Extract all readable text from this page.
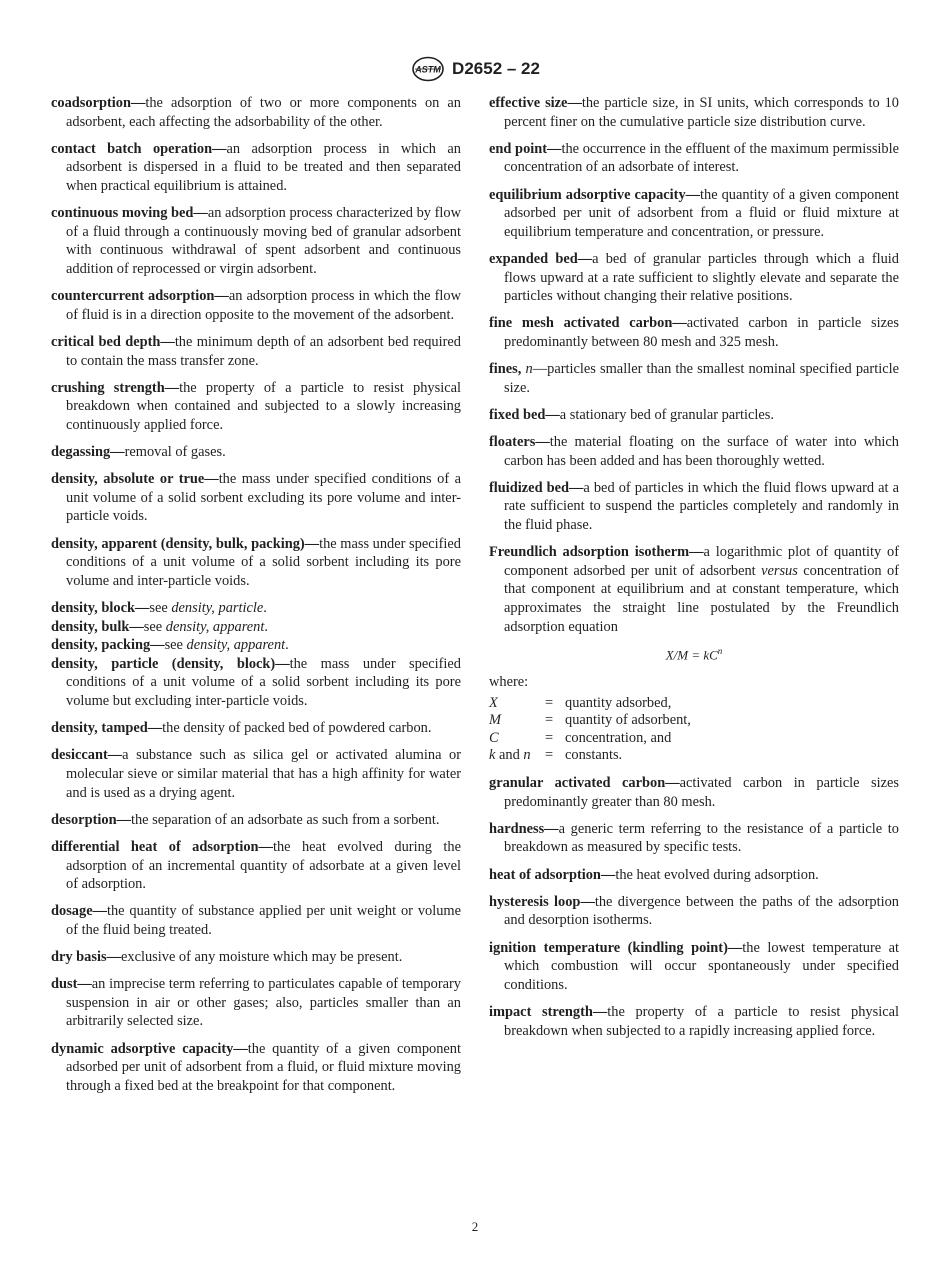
ASTM D2652 – 22

coadsorption—the adsorption of two or more components on an adsorbent, each affecting the adsorbability of the other.

contact batch operation—an adsorption process in which an adsorbent is dispersed in a fluid to be treated and then separated when practical equilibrium is attained.

continuous moving bed—an adsorption process characterized by flow of a fluid through a continuously moving bed of granular adsorbent with continuous withdrawal of spent adsorbent and continuous addition of reprocessed or virgin adsorbent.

countercurrent adsorption—an adsorption process in which the flow of fluid is in a direction opposite to the movement of the adsorbent.

critical bed depth—the minimum depth of an adsorbent bed required to contain the mass transfer zone.

crushing strength—the property of a particle to resist physical breakdown when contained and subjected to a slowly increasing continuously applied force.

degassing—removal of gases.

density, absolute or true—the mass under specified conditions of a unit volume of a solid sorbent excluding its pore volume and inter-particle voids.

density, apparent (density, bulk, packing)—the mass under specified conditions of a unit volume of a solid sorbent including its pore volume and inter-particle voids.

density, block—see density, particle.

density, bulk—see density, apparent.

density, packing—see density, apparent.

density, particle (density, block)—the mass under specified conditions of a unit volume of a solid sorbent including its pore volume but excluding inter-particle voids.

density, tamped—the density of packed bed of powdered carbon.

desiccant—a substance such as silica gel or activated alumina or molecular sieve or similar material that has a high affinity for water and is used as a drying agent.

desorption—the separation of an adsorbate as such from a sorbent.

differential heat of adsorption—the heat evolved during the adsorption of an incremental quantity of adsorbate at a given level of adsorption.

dosage—the quantity of substance applied per unit weight or volume of the fluid being treated.

dry basis—exclusive of any moisture which may be present.

dust—an imprecise term referring to particulates capable of temporary suspension in air or other gases; also, particles smaller than an arbitrarily selected size.

dynamic adsorptive capacity—the quantity of a given component adsorbed per unit of adsorbent from a fluid, or fluid mixture moving through a fixed bed at the breakpoint for that component.

effective size—the particle size, in SI units, which corresponds to 10 percent finer on the cumulative particle size distribution curve.

end point—the occurrence in the effluent of the maximum permissible concentration of an adsorbate of interest.

equilibrium adsorptive capacity—the quantity of a given component adsorbed per unit of adsorbent from a fluid or fluid mixture at equilibrium temperature and concentration, or pressure.

expanded bed—a bed of granular particles through which a fluid flows upward at a rate sufficient to slightly elevate and separate the particles without changing their relative positions.

fine mesh activated carbon—activated carbon in particle sizes predominantly between 80 mesh and 325 mesh.

fines, n—particles smaller than the smallest nominal specified particle size.

fixed bed—a stationary bed of granular particles.

floaters—the material floating on the surface of water into which carbon has been added and has been thoroughly wetted.

fluidized bed—a bed of particles in which the fluid flows upward at a rate sufficient to suspend the particles completely and randomly in the fluid phase.

Freundlich adsorption isotherm—a logarithmic plot of quantity of component adsorbed per unit of adsorbent versus concentration of that component at equilibrium and at constant temperature, which approximates the straight line postulated by the Freundlich adsorption equation

$X/M = kC^n$

where:

X	=	quantity adsorbed,
M	=	quantity of adsorbent,
C	=	concentration, and
k and n	=	constants.

granular activated carbon—activated carbon in particle sizes predominantly greater than 80 mesh.

hardness—a generic term referring to the resistance of a particle to breakdown as measured by specific tests.

heat of adsorption—the heat evolved during adsorption.

hysteresis loop—the divergence between the paths of the adsorption and desorption isotherms.

ignition temperature (kindling point)—the lowest temperature at which combustion will occur spontaneously under specified conditions.

impact strength—the property of a particle to resist physical breakdown when subjected to a rapidly increasing applied force.

2
